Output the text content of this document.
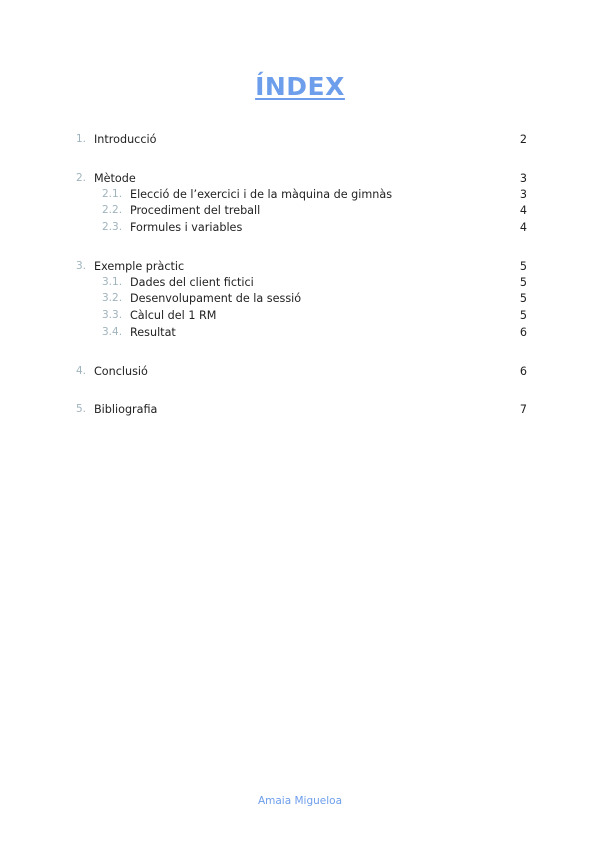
ÍNDEX
1. Introducció	2
2. Mètode	3
2.1. Elecció de l’exercici i de la màquina de gimnàs	3
2.2. Procediment del treball	4
2.3. Formules i variables	4
3. Exemple pràctic	5
3.1. Dades del client fictici	5
3.2. Desenvolupament de la sessió	5
3.3. Càlcul del 1 RM	5
3.4. Resultat	6
4. Conclusió	6
5. Bibliografia	7
Amaia Migueloa
